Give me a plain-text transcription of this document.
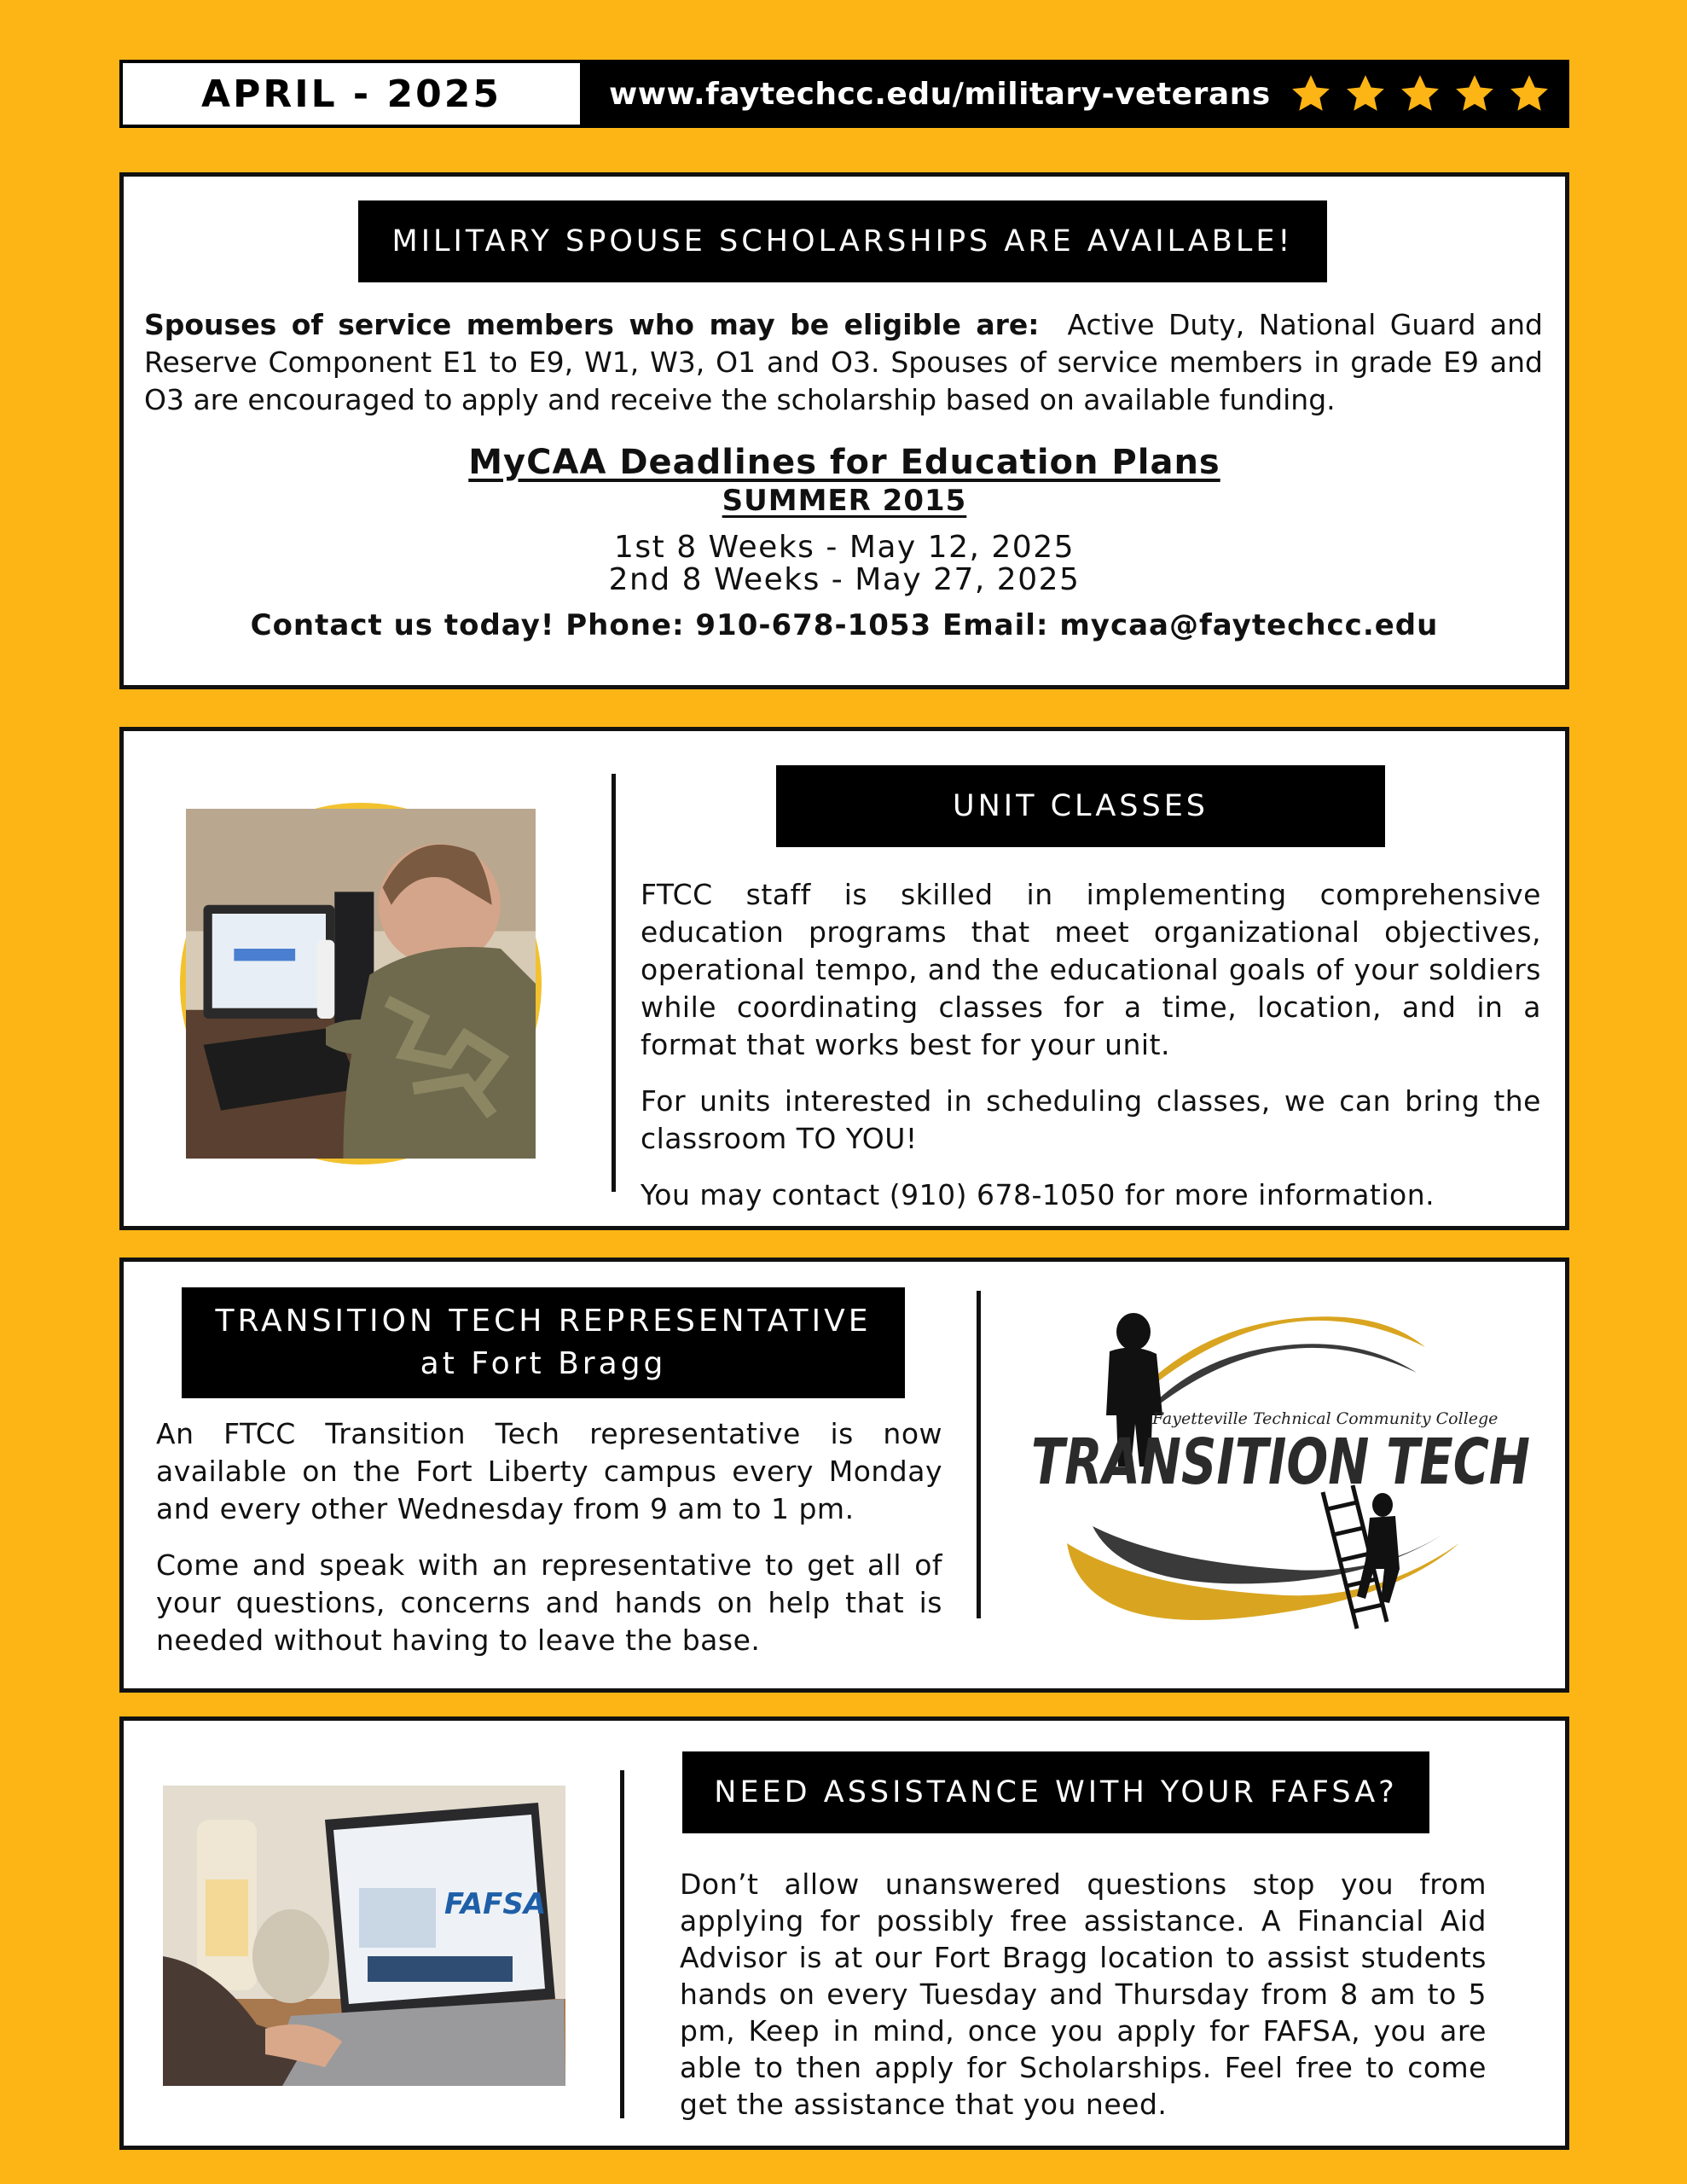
APRIL - 2025	www.faytechcc.edu/military-veterans
MILITARY SPOUSE SCHOLARSHIPS ARE AVAILABLE!
Spouses of service members who may be eligible are: Active Duty, National Guard and Reserve Component E1 to E9, W1, W3, O1 and O3. Spouses of service members in grade E9 and O3 are encouraged to apply and receive the scholarship based on available funding.
MyCAA Deadlines for Education Plans
SUMMER 2015
1st 8 Weeks - May 12, 2025
2nd 8 Weeks - May 27, 2025
Contact us today! Phone: 910-678-1053 Email: mycaa@faytechcc.edu
UNIT CLASSES

FTCC staff is skilled in implementing comprehensive education programs that meet organizational objectives, operational tempo, and the educational goals of your soldiers while coordinating classes for a time, location, and in a format that works best for your unit.

For units interested in scheduling classes, we can bring the classroom TO YOU!

You may contact (910) 678-1050 for more information.

TRANSITION TECH REPRESENTATIVE
at Fort Bragg

An FTCC Transition Tech representative is now available on the Fort Liberty campus every Monday and every other Wednesday from 9 am to 1 pm.

Come and speak with an representative to get all of your questions, concerns and hands on help that is needed without having to leave the base.

Fayetteville Technical Community College
TRANSITION TECH
FAFSA
NEED ASSISTANCE WITH YOUR FAFSA?
Don’t allow unanswered questions stop you from applying for possibly free assistance. A Financial Aid Advisor is at our Fort Bragg location to assist students hands on every Tuesday and Thursday from 8 am to 5 pm, Keep in mind, once you apply for FAFSA, you are able to then apply for Scholarships. Feel free to come get the assistance that you need.
